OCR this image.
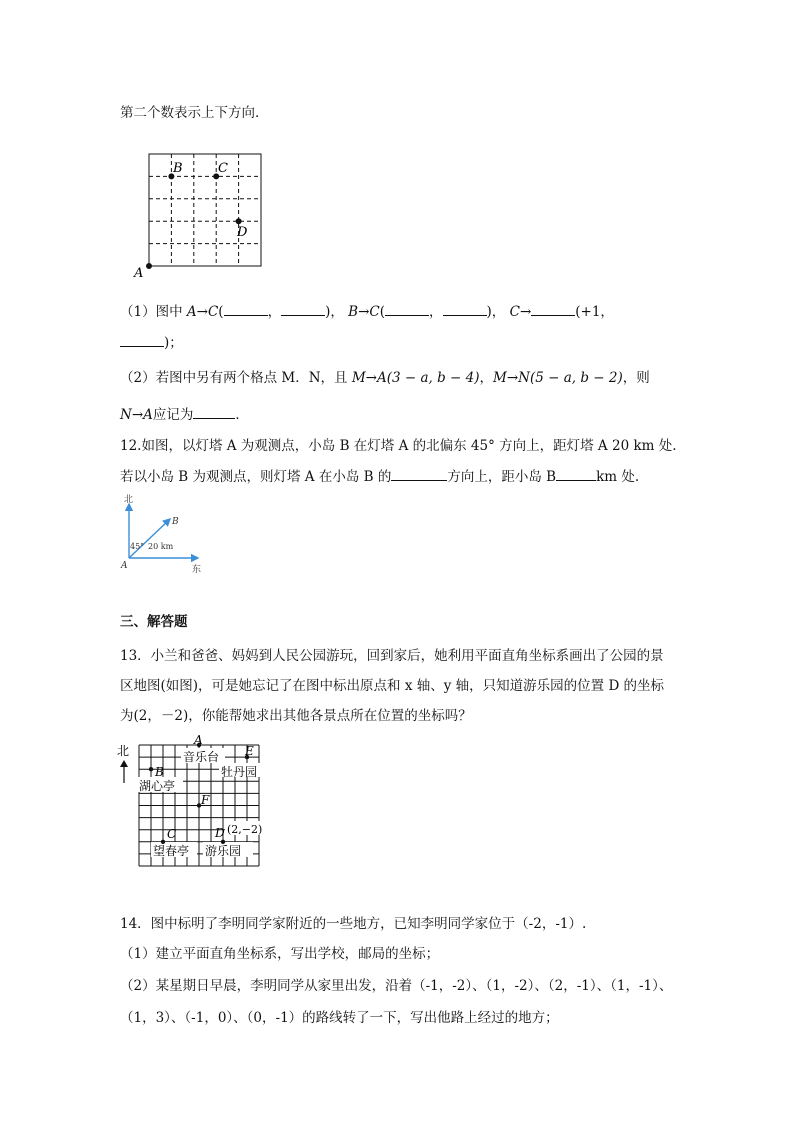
第二个数表示上下方向．
B	C
D
A
（1）图中 A→C(	，	)， B→C(	，	)， C→	(+1，
)；
（2）若图中另有两个格点 M．N，且 M→A(3 − a, b − 4)，M→N(5 − a, b − 2)，则
N→A应记为	．
12.如图，以灯塔 A 为观测点，小岛 B 在灯塔 A 的北偏东 45° 方向上，距灯塔 A 20 km 处.
若以小岛 B 为观测点，则灯塔 A 在小岛 B 的	方向上，距小岛 B	km 处.
北
东
45° 20 km
A
B
三、解答题
13．小兰和爸爸、妈妈到人民公园游玩，回到家后，她利用平面直角坐标系画出了公园的景
区地图(如图)，可是她忘记了在图中标出原点和 x 轴、y 轴，只知道游乐园的位置 D 的坐标
为(2，－2)，你能帮她求出其他各景点所在位置的坐标吗？
北
A
E
B
F
C	D
音乐台
牡丹园
湖心亭
望春亭 游乐园
(2,−2)
14．图中标明了李明同学家附近的一些地方，已知李明同学家位于（-2，-1）.
（1）建立平面直角坐标系，写出学校，邮局的坐标；
（2）某星期日早晨，李明同学从家里出发，沿着（-1，-2）、（1，-2）、（2，-1）、（1，-1）、
（1，3）、（-1，0）、（0，-1）的路线转了一下，写出他路上经过的地方；
